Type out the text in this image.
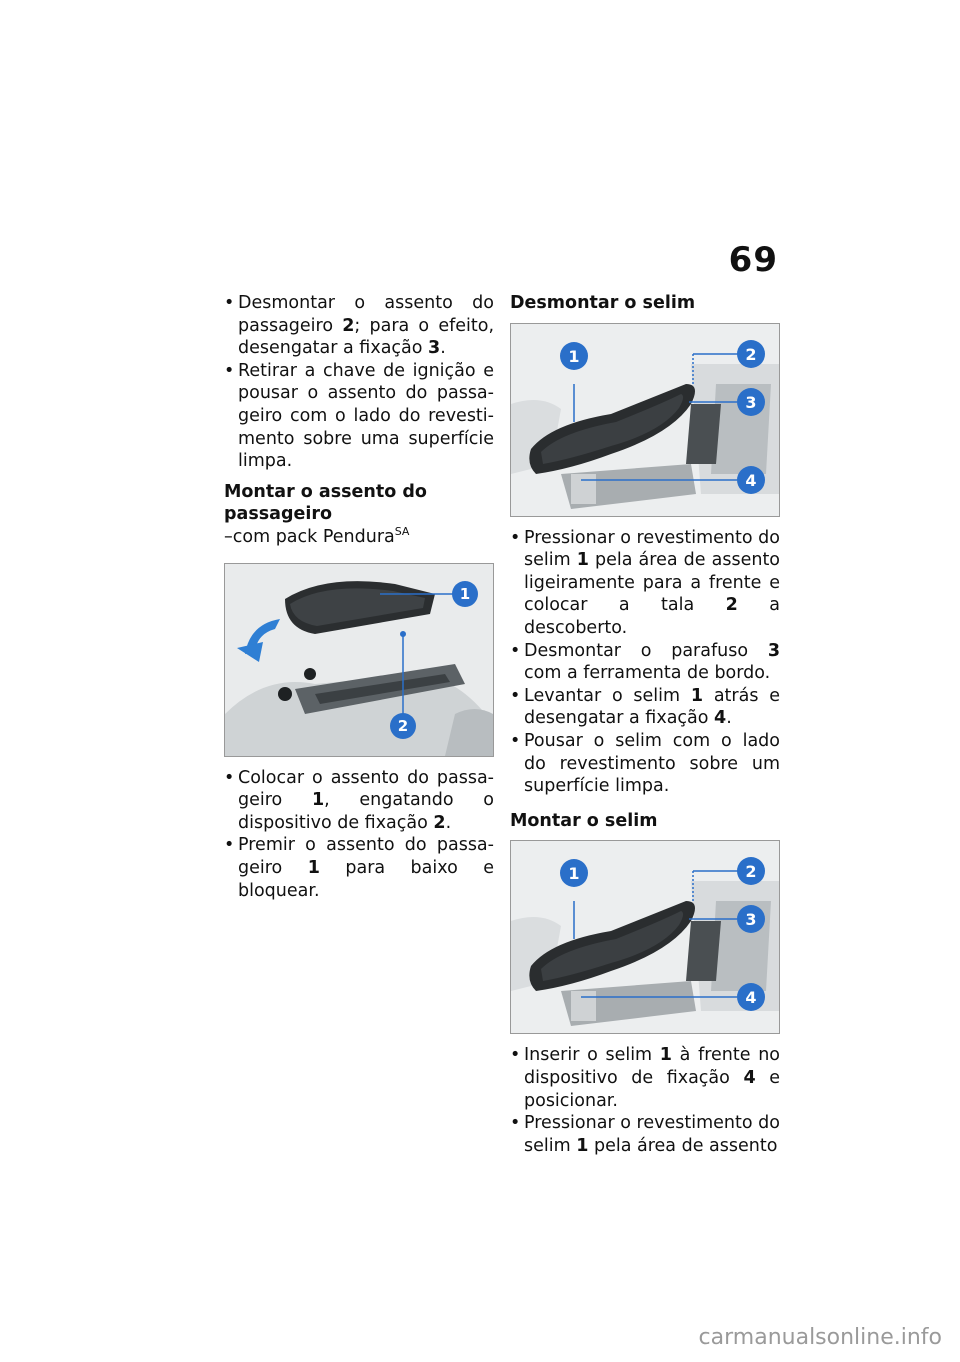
69
• Desmontar o assento do passageiro 2; para o efeito, desengatar a fixação 3.
• Retirar a chave de ignição e pousar o assento do passageiro com o lado do revestimento sobre uma superfície limpa.
Montar o assento do passageiro
–com pack Pendura$^{SA}$
1
2
• Colocar o assento do passageiro 1, engatando o dispositivo de fixação 2.
• Premir o assento do passageiro 1 para baixo e bloquear.
Desmontar o selim
1	2
3
4
• Pressionar o revestimento do selim 1 pela área de assento ligeiramente para a frente e colocar a tala 2 a descoberto.
• Desmontar o parafuso 3 com a ferramenta de bordo.
• Levantar o selim 1 atrás e desengatar a fixação 4.
• Pousar o selim com o lado do revestimento sobre um superfície limpa.
Montar o selim
1	2
3
4
• Inserir o selim 1 à frente no dispositivo de fixação 4 e posicionar.
• Pressionar o revestimento do selim 1 pela área de assento
carmanualsonline.info
